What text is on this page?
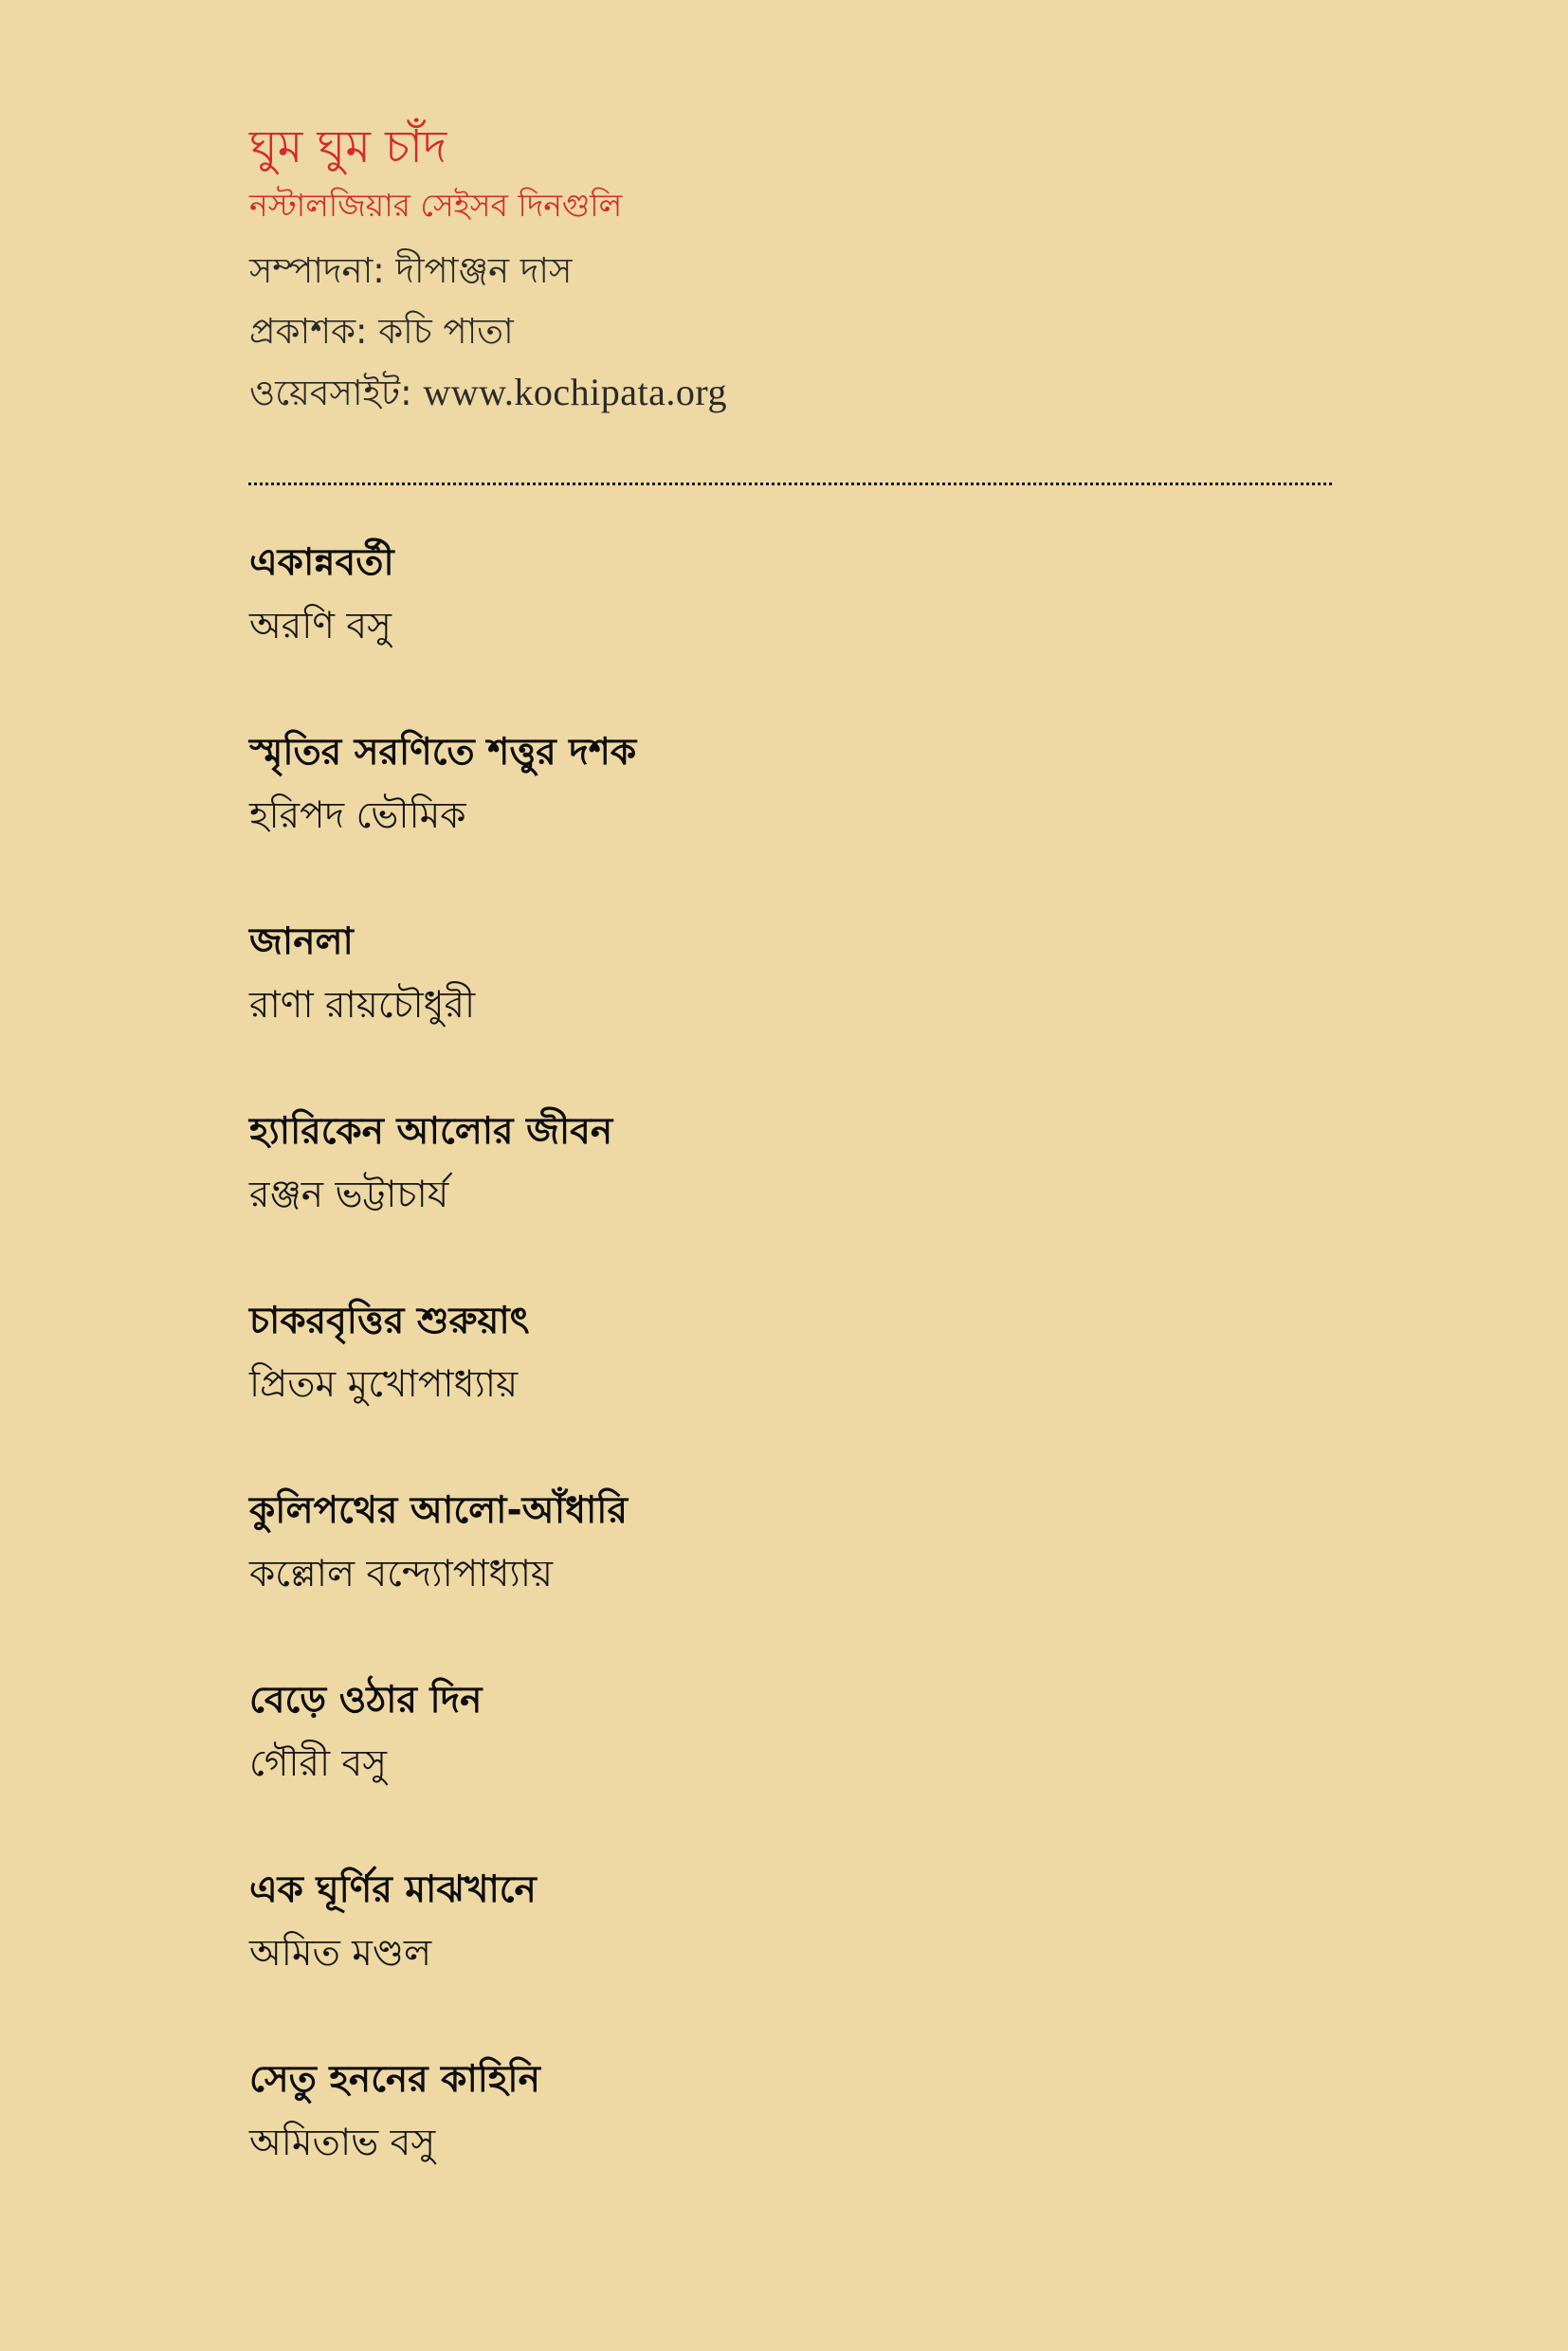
ঘুম ঘুম চাঁদ
নস্টালজিয়ার সেইসব দিনগুলি
সম্পাদনা: দীপাঞ্জন দাস
প্রকাশক: কচি পাতা
ওয়েবসাইট: www.kochipata.org
একান্নবর্তী
অরণি বসু
স্মৃতির সরণিতে শত্তুর দশক
হরিপদ ভৌমিক
জানলা
রাণা রায়চৌধুরী
হ্যারিকেন আলোর জীবন
রঞ্জন ভট্টাচার্য
চাকরবৃত্তির শুরুয়াৎ
প্রিতম মুখোপাধ্যায়
কুলিপথের আলো-আঁধারি
কল্লোল বন্দ্যোপাধ্যায়
বেড়ে ওঠার দিন
গৌরী বসু
এক ঘূর্ণির মাঝখানে
অমিত মণ্ডল
সেতু হননের কাহিনি
অমিতাভ বসু
